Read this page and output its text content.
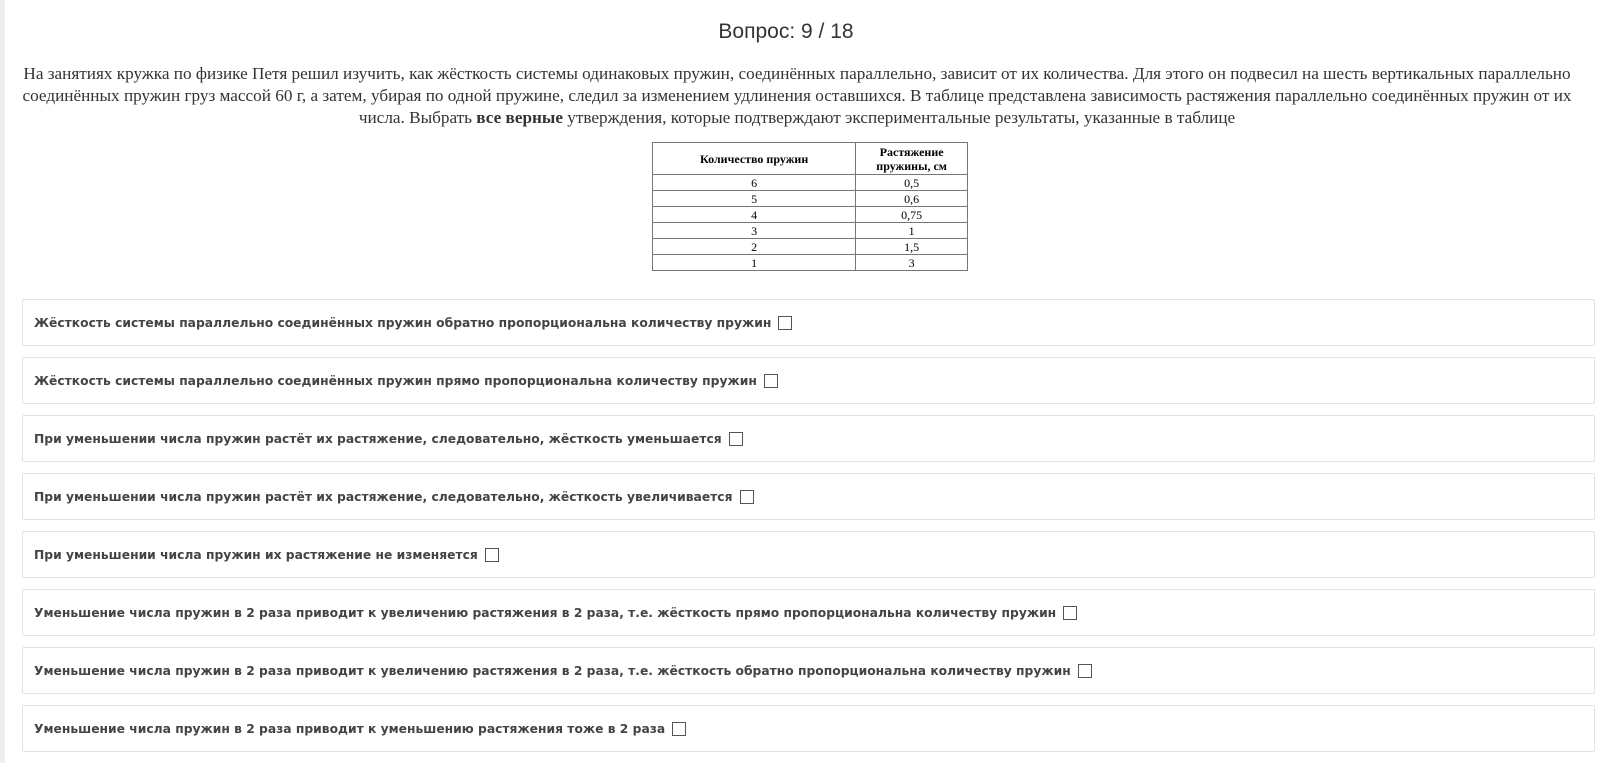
Вопрос: 9 / 18
На занятиях кружка по физике Петя решил изучить, как жёсткость системы одинаковых пружин, соединённых параллельно, зависит от их количества. Для этого он подвесил на шесть вертикальных параллельно соединённых пружин груз массой 60 г, а затем, убирая по одной пружине, следил за изменением удлинения оставшихся. В таблице представлена зависимость растяжения параллельно соединённых пружин от их числа. Выбрать все верные утверждения, которые подтверждают экспериментальные результаты, указанные в таблице
Количество пружин	Растяжение пружины, см
6	0,5
5	0,6
4	0,75
3	1
2	1,5
1	3
Жёсткость системы параллельно соединённых пружин обратно пропорциональна количеству пружин
Жёсткость системы параллельно соединённых пружин прямо пропорциональна количеству пружин
При уменьшении числа пружин растёт их растяжение, следовательно, жёсткость уменьшается
При уменьшении числа пружин растёт их растяжение, следовательно, жёсткость увеличивается
При уменьшении числа пружин их растяжение не изменяется
Уменьшение числа пружин в 2 раза приводит к увеличению растяжения в 2 раза, т.е. жёсткость прямо пропорциональна количеству пружин
Уменьшение числа пружин в 2 раза приводит к увеличению растяжения в 2 раза, т.е. жёсткость обратно пропорциональна количеству пружин
Уменьшение числа пружин в 2 раза приводит к уменьшению растяжения тоже в 2 раза
